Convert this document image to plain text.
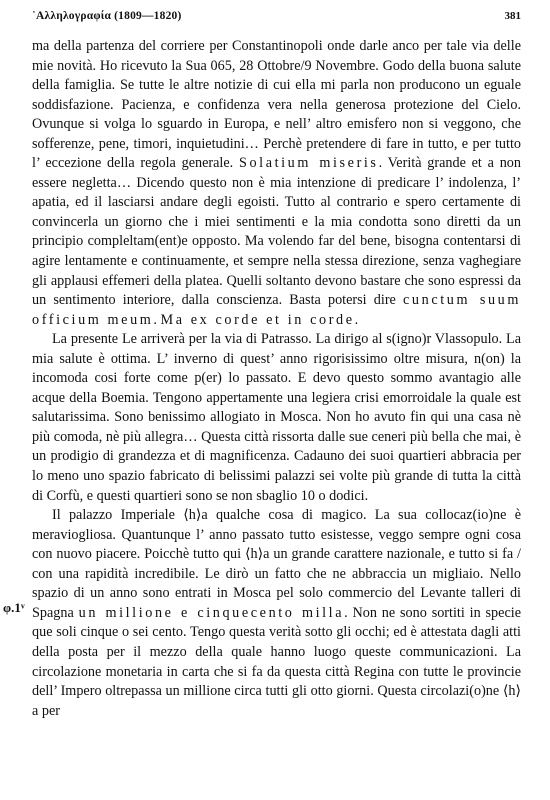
᾿Αλληλογραφία (1809—1820)	381
φ.1ᵛ

ma della partenza del corriere per Constantinopoli onde darle anco per tale via delle mie novità. Ho ricevuto la Sua 065, 28 Ottobre/9 Novembre. Godo della buona salute della famiglia. Se tutte le altre notizie di cui ella mi parla non producono un eguale soddisfazione. Pacienza, e confidenza vera nella generosa protezione del Cielo. Ovunque si volga lo sguardo in Europa, e nell’ altro emisfero non si veggono, che sofferenze, pene, timori, inquietudini… Perchè pretendere di fare in tutto, e per tutto l’ eccezione della regola generale. Solatium miseris. Verità grande et a non essere negletta… Dicendo questo non è mia intenzione di predicare l’ indolenza, l’ apatia, ed il lasciarsi andare degli egoisti. Tutto al contrario e spero certamente di convincerla un giorno che i miei sentimenti e la mia condotta sono diretti da un principio compleltam(ent)e opposto. Ma volendo far del bene, bisogna contentarsi di agire lentamente e continuamente, et sempre nella stessa direzione, senza vaghegiare gli applausi effemeri della platea. Quelli soltanto devono bastare che sono espressi da un sentimento interiore, dalla conscienza. Basta potersi dire cunctum suum officium meum. Ma ex corde et in corde.

La presente Le arriverà per la via di Patrasso. La dirigo al s(igno)r Vlassopulo. La mia salute è ottima. L’ inverno di quest’ anno rigorisissimo oltre misura, n(on) la incomoda cosi forte come p(er) lo passato. E devo questo sommo avantagio alle acque della Boemia. Tengono appertamente una legiera crisi emorroidale la quale est salutarissima. Sono benissimo allogiato in Mosca. Non ho avuto fin qui una casa nè più comoda, nè più allegra… Questa città rissorta dalle sue ceneri più bella che mai, è un prodigio di grandezza et di magnificenza. Cadauno dei suoi quartieri abbracia per lo meno uno spazio fabricato di belissimi palazzi sei volte più grande di tutta la città di Corfù, e questi quartieri sono se non sbaglio 10 o dodici.

Il palazzo Imperiale ⟨h⟩a qualche cosa di magico. La sua collocaz(io)ne è meraviogliosa. Quantunque l’ anno passato tutto esistesse, veggo sempre ogni cosa con nuovo piacere. Poicchè tutto qui ⟨h⟩a un grande carattere nazionale, e tutto si fa / con una rapidità incredibile. Le dirò un fatto che ne abbraccia un migliaio. Nello spazio di un anno sono entrati in Mosca pel solo commercio del Levante talleri di Spagna un millione e cinquecento milla. Non ne sono sortiti in specie que soli cinque o sei cento. Tengo questa verità sotto gli occhi; ed è attestata dagli atti della posta per il mezzo della quale hanno luogo queste communicazioni. La circolazione monetaria in carta che si fa da questa città Regina con tutte le provincie dell’ Impero oltrepassa un millione circa tutti gli otto giorni. Questa circolazi(o)ne ⟨h⟩a per
